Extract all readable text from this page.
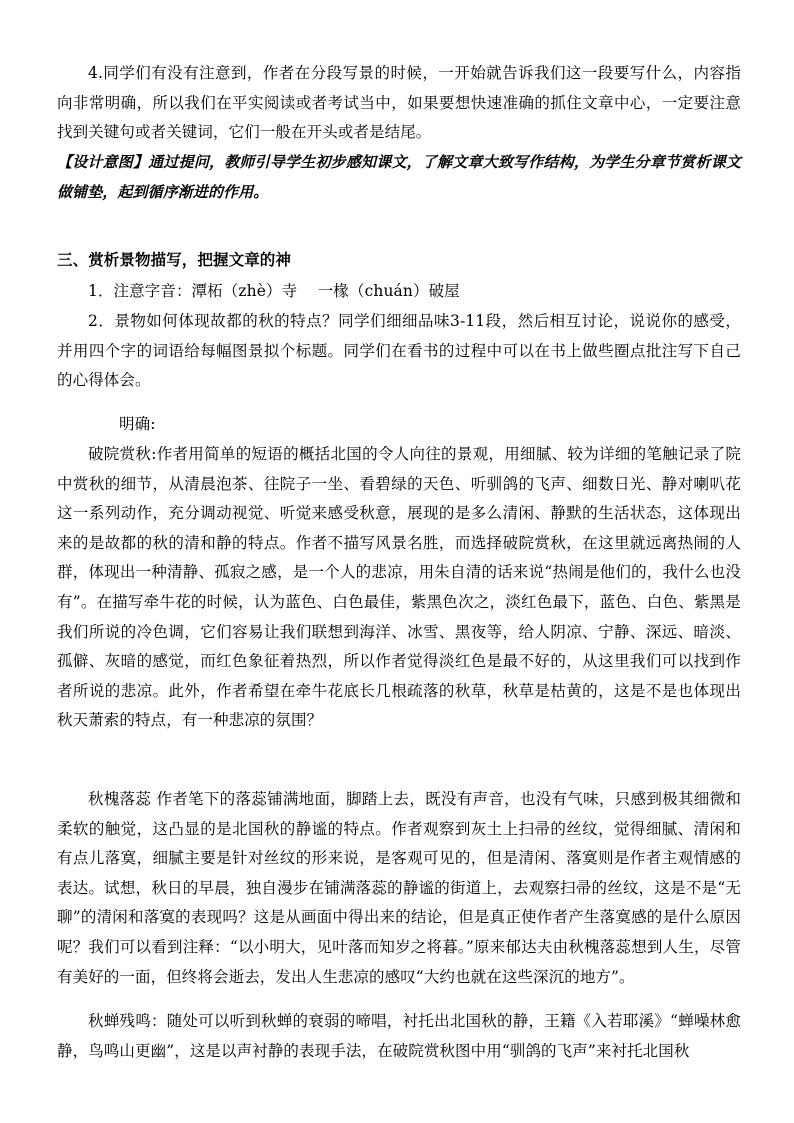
4.同学们有没有注意到，作者在分段写景的时候，一开始就告诉我们这一段要写什么，内容指向非常明确，所以我们在平实阅读或者考试当中，如果要想快速准确的抓住文章中心，一定要注意找到关键句或者关键词，它们一般在开头或者是结尾。

【设计意图】通过提问，教师引导学生初步感知课文，了解文章大致写作结构，为学生分章节赏析课文做铺垫，起到循序渐进的作用。

三、赏析景物描写，把握文章的神

1．注意字音：潭柘（zhè）寺　 一椽（chuán）破屋

2．景物如何体现故都的秋的特点？同学们细细品味3-11段，然后相互讨论，说说你的感受，并用四个字的词语给每幅图景拟个标题。同学们在看书的过程中可以在书上做些圈点批注写下自己的心得体会。

明确:

破院赏秋:作者用简单的短语的概括北国的令人向往的景观，用细腻、较为详细的笔触记录了院中赏秋的细节，从清晨泡茶、往院子一坐、看碧绿的天色、听驯鸽的飞声、细数日光、静对喇叭花这一系列动作，充分调动视觉、听觉来感受秋意，展现的是多么清闲、静默的生活状态，这体现出来的是故都的秋的清和静的特点。作者不描写风景名胜，而选择破院赏秋，在这里就远离热闹的人群，体现出一种清静、孤寂之感，是一个人的悲凉，用朱自清的话来说“热闹是他们的，我什么也没有”。在描写牵牛花的时候，认为蓝色、白色最佳，紫黑色次之，淡红色最下，蓝色、白色、紫黑是我们所说的冷色调，它们容易让我们联想到海洋、冰雪、黑夜等，给人阴凉、宁静、深远、暗淡、孤僻、灰暗的感觉，而红色象征着热烈，所以作者觉得淡红色是最不好的，从这里我们可以找到作者所说的悲凉。此外，作者希望在牵牛花底长几根疏落的秋草，秋草是枯黄的，这是不是也体现出秋天萧索的特点，有一种悲凉的氛围？

秋槐落蕊 作者笔下的落蕊铺满地面，脚踏上去，既没有声音，也没有气味，只感到极其细微和柔软的触觉，这凸显的是北国秋的静谧的特点。作者观察到灰土上扫帚的丝纹，觉得细腻、清闲和有点儿落寞，细腻主要是针对丝纹的形来说，是客观可见的，但是清闲、落寞则是作者主观情感的表达。试想，秋日的早晨，独自漫步在铺满落蕊的静谧的街道上，去观察扫帚的丝纹，这是不是“无聊”的清闲和落寞的表现吗？这是从画面中得出来的结论，但是真正使作者产生落寞感的是什么原因呢？我们可以看到注释：“以小明大，见叶落而知岁之将暮。”原来郁达夫由秋槐落蕊想到人生，尽管有美好的一面，但终将会逝去，发出人生悲凉的感叹“大约也就在这些深沉的地方”。

秋蝉残鸣：随处可以听到秋蝉的衰弱的啼唱，衬托出北国秋的静，王籍《入若耶溪》“蝉噪林愈静，鸟鸣山更幽”，这是以声衬静的表现手法，在破院赏秋图中用“驯鸽的飞声”来衬托北国秋
